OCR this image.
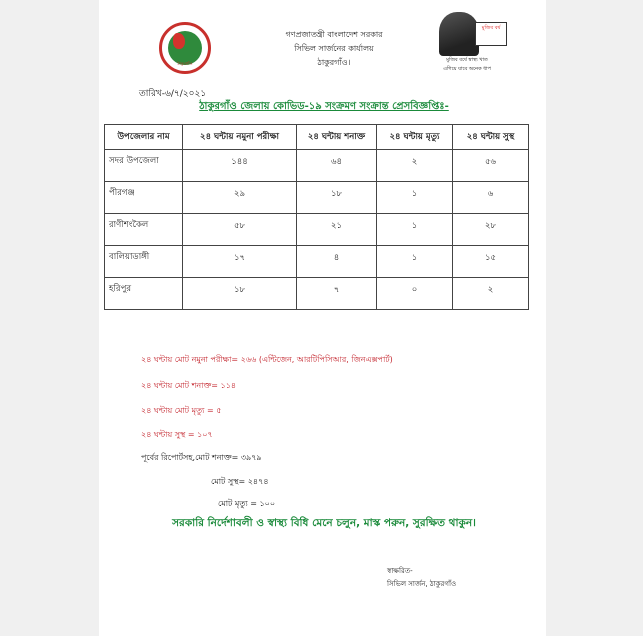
ঠাকুরগাঁও
গণপ্রজাতন্ত্রী বাংলাদেশ সরকার
সিভিল সার্জনের কার্যালয়
ঠাকুরগাঁও।
মুজিব বর্ষ
মুজিব বর্ষে স্বাস্থ্য খাত
এগিয়ে যাবে অনেক ধাপ
তারিখ-৬/৭/২০২১
ঠাকুরগাঁও জেলায় কোভিড-১৯ সংক্রমণ সংক্রান্ত প্রেসবিজ্ঞপ্তিঃ-
উপজেলার নাম	২৪ ঘন্টায় নমুনা পরীক্ষা	২৪ ঘন্টায় শনাক্ত	২৪ ঘন্টায় মৃত্যু	২৪ ঘন্টায় সুস্থ
সদর উপজেলা	১৪৪	৬৪	২	৫৬
পীরগঞ্জ	২৯	১৮	১	৬
রাণীশংকৈল	৫৮	২১	১	২৮
বালিয়াডাঙ্গী	১৭	৪	১	১৫
হরিপুর	১৮	৭	০	২
২৪ ঘন্টায় মোট নমুনা পরীক্ষা= ২৬৬ (এন্টিজেন, আরটিপিসিআর, জিনএক্সপার্ট)
২৪ ঘন্টায় মোট শনাক্ত= ১১৪
২৪ ঘন্টায় মোট মৃত্যু = ৫
২৪ ঘন্টায় সুস্থ = ১০৭
পূর্বের রিপোর্টসহ,মোট শনাক্ত= ৩৯৭৯
মোট সুস্থ= ২৪৭৪
মোট মৃত্যু = ১০০
সরকারি নির্দেশাবলী ও স্বাস্থ্য বিধি মেনে চলুন, মাস্ক পরুন, সুরক্ষিত থাকুন।
স্বাক্ষরিত-
সিভিল সার্জন, ঠাকুরগাঁও
